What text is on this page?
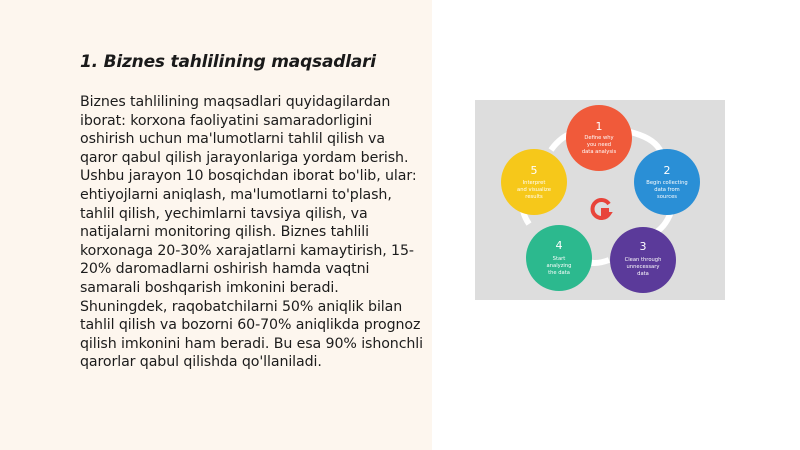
1. Biznes tahlilining maqsadlari

Biznes tahlilining maqsadlari quyidagilardan iborat: korxona faoliyatini samaradorligini oshirish uchun ma'lumotlarni tahlil qilish va qaror qabul qilish jarayonlariga yordam berish. Ushbu jarayon 10 bosqichdan iborat bo'lib, ular: ehtiyojlarni aniqlash, ma'lumotlarni to'plash, tahlil qilish, yechimlarni tavsiya qilish, va natijalarni monitoring qilish. Biznes tahlili korxonaga 20-30% xarajatlarni kamaytirish, 15-20% daromadlarni oshirish hamda vaqtni samarali boshqarish imkonini beradi. Shuningdek, raqobatchilarni 50% aniqlik bilan tahlil qilish va bozorni 60-70% aniqlikda prognoz qilish imkonini ham beradi. Bu esa 90% ishonchli qarorlar qabul qilishda qo'llaniladi.

1
Define why
you need
data analysis
2
Begin collecting
data from
sources
3
Clean through
unnecessary
data
4
Start
analyzing
the data
5
Interpret
and visualize
results
